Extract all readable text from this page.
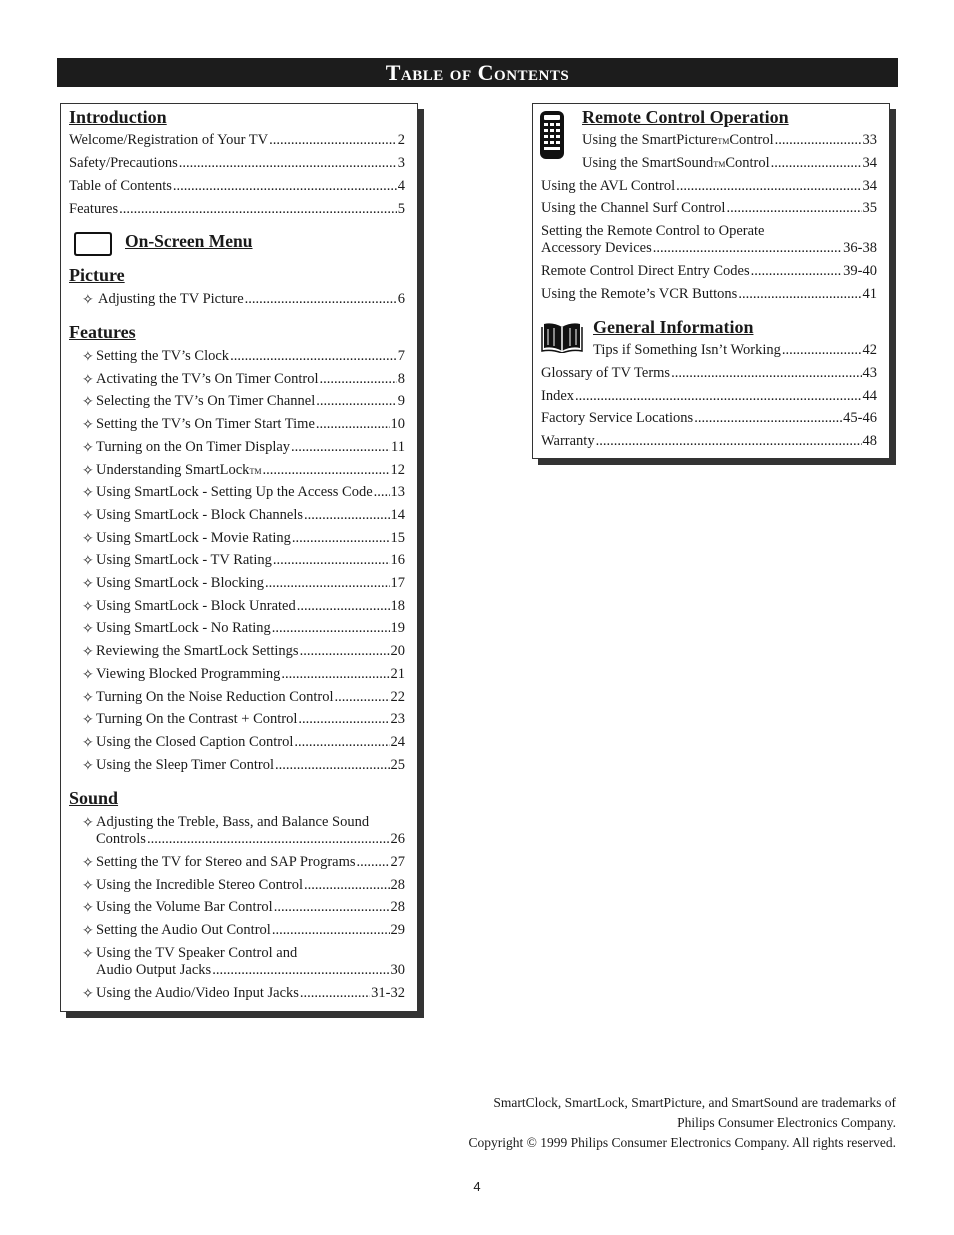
Table of Contents
Introduction
Welcome/Registration of Your TV .....	2
Safety/Precautions .....	3
Table of Contents .....	4
Features .....	5
On-Screen Menu
Picture
✧ Adjusting the TV Picture .....	6
Features
✧ Setting the TV’s Clock .....	7
✧ Activating the TV’s On Timer Control .....	8
✧ Selecting the TV’s On Timer Channel .....	9
✧ Setting the TV’s On Timer Start Time .....	10
✧ Turning on the On Timer Display .....	11
✧ Understanding SmartLock TM .....	12
✧ Using SmartLock - Setting Up the Access Code ..... 13
✧ Using SmartLock - Block Channels .....	14
✧ Using SmartLock - Movie Rating .....	15
✧ Using SmartLock - TV Rating .....	16
✧ Using SmartLock - Blocking .....	17
✧ Using SmartLock - Block Unrated .....	18
✧ Using SmartLock - No Rating .....	19
✧ Reviewing the SmartLock Settings .....	20
✧ Viewing Blocked Programming .....	21
✧ Turning On the Noise Reduction Control .....	22
✧ Turning On the Contrast + Control .....	23
✧ Using the Closed Caption Control .....	24
✧ Using the Sleep Timer Control .....	25
Sound
✧ Adjusting the Treble, Bass, and Balance Sound
Controls .....	26
✧ Setting the TV for Stereo and SAP Programs ..... 27
✧ Using the Incredible Stereo Control .....	28
✧ Using the Volume Bar Control .....	28
✧ Setting the Audio Out Control .....	29
✧ Using the TV Speaker Control and
Audio Output Jacks .....	30
✧ Using the Audio/Video Input Jacks .....	31-32
Remote Control Operation
Using the SmartPicture TM Control .....	33
Using the SmartSound TM Control .....	34
Using the AVL Control .....	34
Using the Channel Surf Control .....	35
Setting the Remote Control to Operate
Accessory Devices .....	36-38
Remote Control Direct Entry Codes .....	39-40
Using the Remote’s VCR Buttons .....	41
General Information
Tips if Something Isn’t Working .....	42
Glossary of TV Terms .....	43
Index .....	44
Factory Service Locations .....	45-46
Warranty .....	48
SmartClock, SmartLock, SmartPicture, and SmartSound are trademarks of
Philips Consumer Electronics Company.
Copyright © 1999 Philips Consumer Electronics Company. All rights reserved.
4
